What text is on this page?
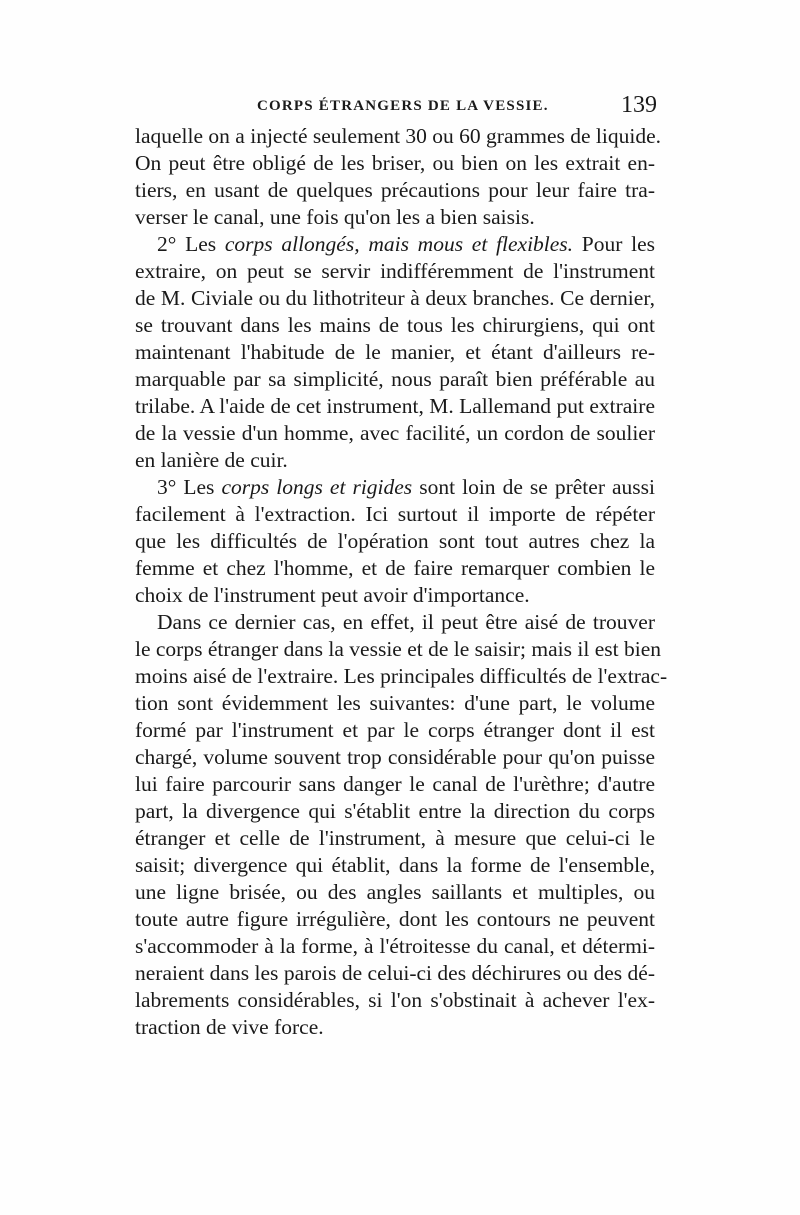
CORPS ÉTRANGERS DE LA VESSIE.	139
laquelle on a injecté seulement 30 ou 60 grammes de liquide.
On peut être obligé de les briser, ou bien on les extrait en-
tiers, en usant de quelques précautions pour leur faire tra-
verser le canal, une fois qu'on les a bien saisis.
2° Les corps allongés, mais mous et flexibles. Pour les
extraire, on peut se servir indifféremment de l'instrument
de M. Civiale ou du lithotriteur à deux branches. Ce dernier,
se trouvant dans les mains de tous les chirurgiens, qui ont
maintenant l'habitude de le manier, et étant d'ailleurs re-
marquable par sa simplicité, nous paraît bien préférable au
trilabe. A l'aide de cet instrument, M. Lallemand put extraire
de la vessie d'un homme, avec facilité, un cordon de soulier
en lanière de cuir.
3° Les corps longs et rigides sont loin de se prêter aussi
facilement à l'extraction. Ici surtout il importe de répéter
que les difficultés de l'opération sont tout autres chez la
femme et chez l'homme, et de faire remarquer combien le
choix de l'instrument peut avoir d'importance.
Dans ce dernier cas, en effet, il peut être aisé de trouver
le corps étranger dans la vessie et de le saisir; mais il est bien
moins aisé de l'extraire. Les principales difficultés de l'extrac-
tion sont évidemment les suivantes: d'une part, le volume
formé par l'instrument et par le corps étranger dont il est
chargé, volume souvent trop considérable pour qu'on puisse
lui faire parcourir sans danger le canal de l'urèthre; d'autre
part, la divergence qui s'établit entre la direction du corps
étranger et celle de l'instrument, à mesure que celui-ci le
saisit; divergence qui établit, dans la forme de l'ensemble,
une ligne brisée, ou des angles saillants et multiples, ou
toute autre figure irrégulière, dont les contours ne peuvent
s'accommoder à la forme, à l'étroitesse du canal, et détermi-
neraient dans les parois de celui-ci des déchirures ou des dé-
labrements considérables, si l'on s'obstinait à achever l'ex-
traction de vive force.
